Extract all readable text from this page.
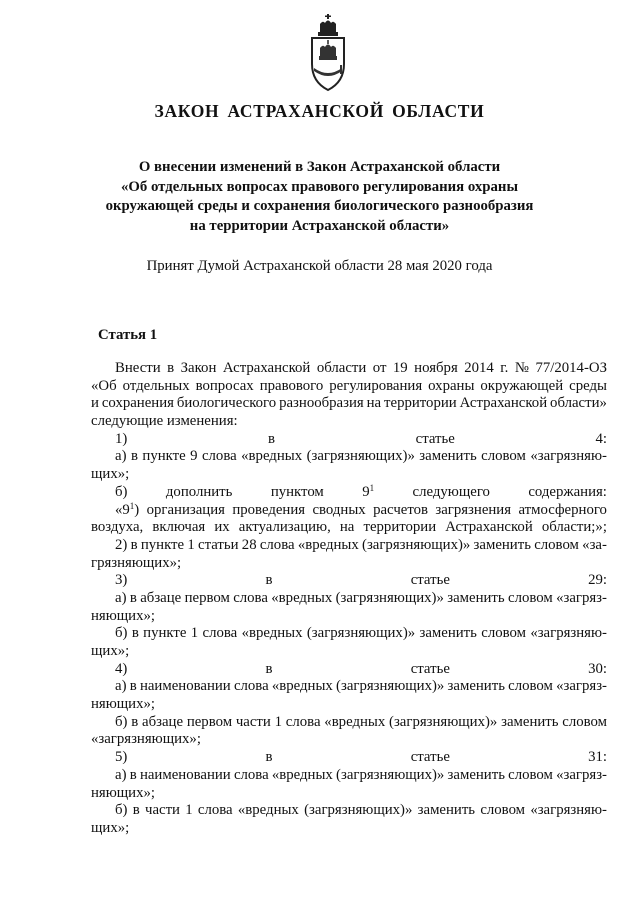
ЗАКОН АСТРАХАНСКОЙ ОБЛАСТИ
О внесении изменений в Закон Астраханской области
«Об отдельных вопросах правового регулирования охраны
окружающей среды и сохранения биологического разнообразия
на территории Астраханской области»
Принят Думой Астраханской области 28 мая 2020 года
Статья 1
Внести в Закон Астраханской области от 19 ноября 2014 г. № 77/2014-ОЗ
«Об отдельных вопросах правового регулирования охраны окружающей среды
и сохранения биологического разнообразия на территории Астраханской области»
следующие изменения:
1)	в	статье	4:
а) в пункте 9 слова «вредных (загрязняющих)» заменить словом «загрязняю-
щих»;
б)	дополнить	пунктом	$9^1$	следующего	содержания:
«$9^1$) организация проведения сводных расчетов загрязнения атмосферного
воздуха, включая их актуализацию, на территории Астраханской области;»;
2) в пункте 1 статьи 28 слова «вредных (загрязняющих)» заменить словом «за-
грязняющих»;
3)	в	статье	29:
а) в абзаце первом слова «вредных (загрязняющих)» заменить словом «загряз-
няющих»;
б) в пункте 1 слова «вредных (загрязняющих)» заменить словом «загрязняю-
щих»;
4)	в	статье	30:
а) в наименовании слова «вредных (загрязняющих)» заменить словом «загряз-
няющих»;
б) в абзаце первом части 1 слова «вредных (загрязняющих)» заменить словом
«загрязняющих»;
5)	в	статье	31:
а) в наименовании слова «вредных (загрязняющих)» заменить словом «загряз-
няющих»;
б) в части 1 слова «вредных (загрязняющих)» заменить словом «загрязняю-
щих»;
